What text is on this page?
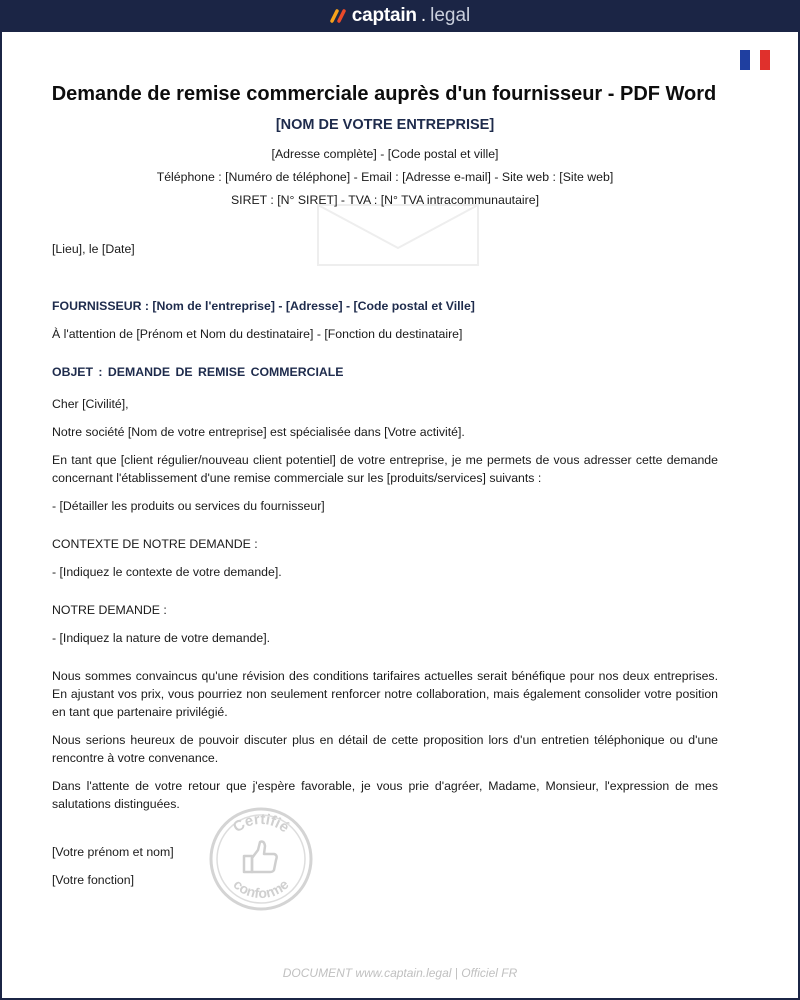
captain . legal
Demande de remise commerciale auprès d'un fournisseur - PDF Word
[NOM DE VOTRE ENTREPRISE]
[Adresse complète] - [Code postal et ville]
Téléphone : [Numéro de téléphone] - Email : [Adresse e-mail] - Site web : [Site web]
SIRET : [N° SIRET] - TVA : [N° TVA intracommunautaire]

[Lieu], le [Date]

FOURNISSEUR : [Nom de l'entreprise] - [Adresse] - [Code postal et Ville]

À l'attention de [Prénom et Nom du destinataire] - [Fonction du destinataire]

OBJET : DEMANDE DE REMISE COMMERCIALE

Cher [Civilité],

Notre société [Nom de votre entreprise] est spécialisée dans [Votre activité].

En tant que [client régulier/nouveau client potentiel] de votre entreprise, je me permets de vous adresser cette demande concernant l'établissement d'une remise commerciale sur les [produits/services] suivants :

- [Détailler les produits ou services du fournisseur]

CONTEXTE DE NOTRE DEMANDE :

- [Indiquez le contexte de votre demande].

NOTRE DEMANDE :

- [Indiquez la nature de votre demande].

Nous sommes convaincus qu'une révision des conditions tarifaires actuelles serait bénéfique pour nos deux entreprises. En ajustant vos prix, vous pourriez non seulement renforcer notre collaboration, mais également consolider votre position en tant que partenaire privilégié.

Nous serions heureux de pouvoir discuter plus en détail de cette proposition lors d'un entretien téléphonique ou d'une rencontre à votre convenance.

Dans l'attente de votre retour que j'espère favorable, je vous prie d'agréer, Madame, Monsieur, l'expression de mes salutations distinguées.

[Votre prénom et nom]

[Votre fonction]

Certifié
conforme
DOCUMENT www.captain.legal | Officiel FR
